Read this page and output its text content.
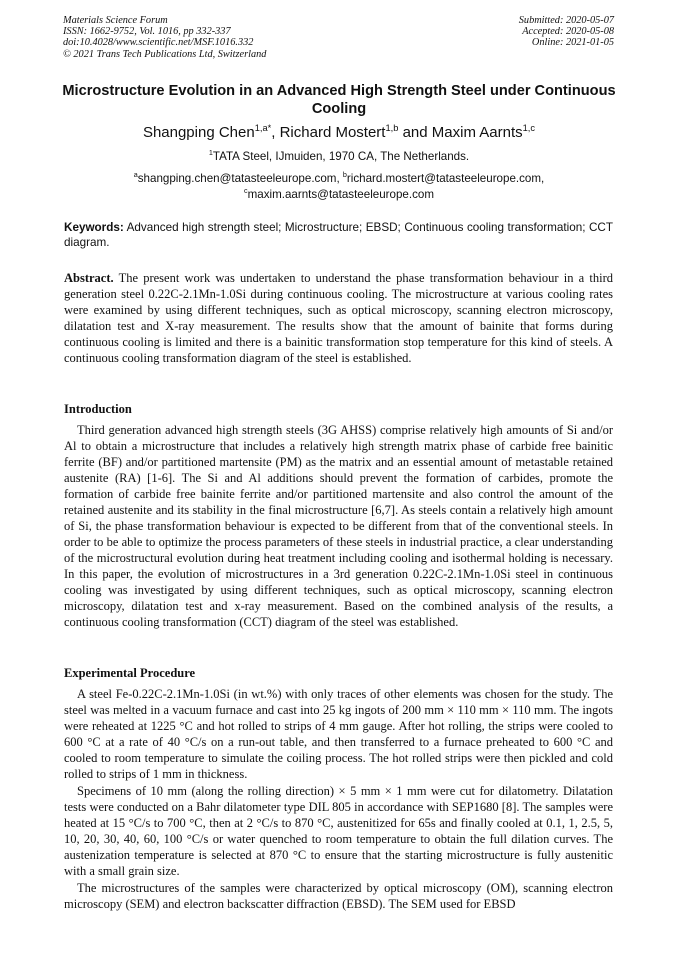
Materials Science Forum
ISSN: 1662-9752, Vol. 1016, pp 332-337
doi:10.4028/www.scientific.net/MSF.1016.332
© 2021 Trans Tech Publications Ltd, Switzerland
Submitted: 2020-05-07
Accepted: 2020-05-08
Online: 2021-01-05
Microstructure Evolution in an Advanced High Strength Steel under Continuous Cooling
Shangping Chen$^{1,a*}$, Richard Mostert$^{1,b}$ and Maxim Aarnts$^{1,c}$
$^1$TATA Steel, IJmuiden, 1970 CA, The Netherlands.
$^a$shangping.chen@tatasteeleurope.com, $^b$richard.mostert@tatasteeleurope.com,
$^c$maxim.aarnts@tatasteeleurope.com
Keywords: Advanced high strength steel; Microstructure; EBSD; Continuous cooling transformation; CCT diagram.
Abstract. The present work was undertaken to understand the phase transformation behaviour in a third generation steel 0.22C-2.1Mn-1.0Si during continuous cooling. The microstructure at various cooling rates were examined by using different techniques, such as optical microscopy, scanning electron microscopy, dilatation test and X-ray measurement. The results show that the amount of bainite that forms during continuous cooling is limited and there is a bainitic transformation stop temperature for this kind of steels. A continuous cooling transformation diagram of the steel is established.
Introduction

Third generation advanced high strength steels (3G AHSS) comprise relatively high amounts of Si and/or Al to obtain a microstructure that includes a relatively high strength matrix phase of carbide free bainitic ferrite (BF) and/or partitioned martensite (PM) as the matrix and an essential amount of metastable retained austenite (RA) [1-6]. The Si and Al additions should prevent the formation of carbides, promote the formation of carbide free bainite ferrite and/or partitioned martensite and also control the amount of the retained austenite and its stability in the final microstructure [6,7]. As steels contain a relatively high amount of Si, the phase transformation behaviour is expected to be different from that of the conventional steels. In order to be able to optimize the process parameters of these steels in industrial practice, a clear understanding of the microstructural evolution during heat treatment including cooling and isothermal holding is necessary. In this paper, the evolution of microstructures in a 3rd generation 0.22C-2.1Mn-1.0Si steel in continuous cooling was investigated by using different techniques, such as optical microscopy, scanning electron microscopy, dilatation test and x-ray measurement. Based on the combined analysis of the results, a continuous cooling transformation (CCT) diagram of the steel was established.

Experimental Procedure

A steel Fe-0.22C-2.1Mn-1.0Si (in wt.%) with only traces of other elements was chosen for the study. The steel was melted in a vacuum furnace and cast into 25 kg ingots of 200 mm × 110 mm × 110 mm. The ingots were reheated at 1225 °C and hot rolled to strips of 4 mm gauge. After hot rolling, the strips were cooled to 600 °C at a rate of 40 °C/s on a run-out table, and then transferred to a furnace preheated to 600 °C and cooled to room temperature to simulate the coiling process. The hot rolled strips were then pickled and cold rolled to strips of 1 mm in thickness.

Specimens of 10 mm (along the rolling direction) × 5 mm × 1 mm were cut for dilatometry. Dilatation tests were conducted on a Bahr dilatometer type DIL 805 in accordance with SEP1680 [8]. The samples were heated at 15 °C/s to 700 °C, then at 2 °C/s to 870 °C, austenitized for 65s and finally cooled at 0.1, 1, 2.5, 5, 10, 20, 30, 40, 60, 100 °C/s or water quenched to room temperature to obtain the full dilation curves. The austenization temperature is selected at 870 °C to ensure that the starting microstructure is fully austenitic with a small grain size.

The microstructures of the samples were characterized by optical microscopy (OM), scanning electron microscopy (SEM) and electron backscatter diffraction (EBSD). The SEM used for EBSD
